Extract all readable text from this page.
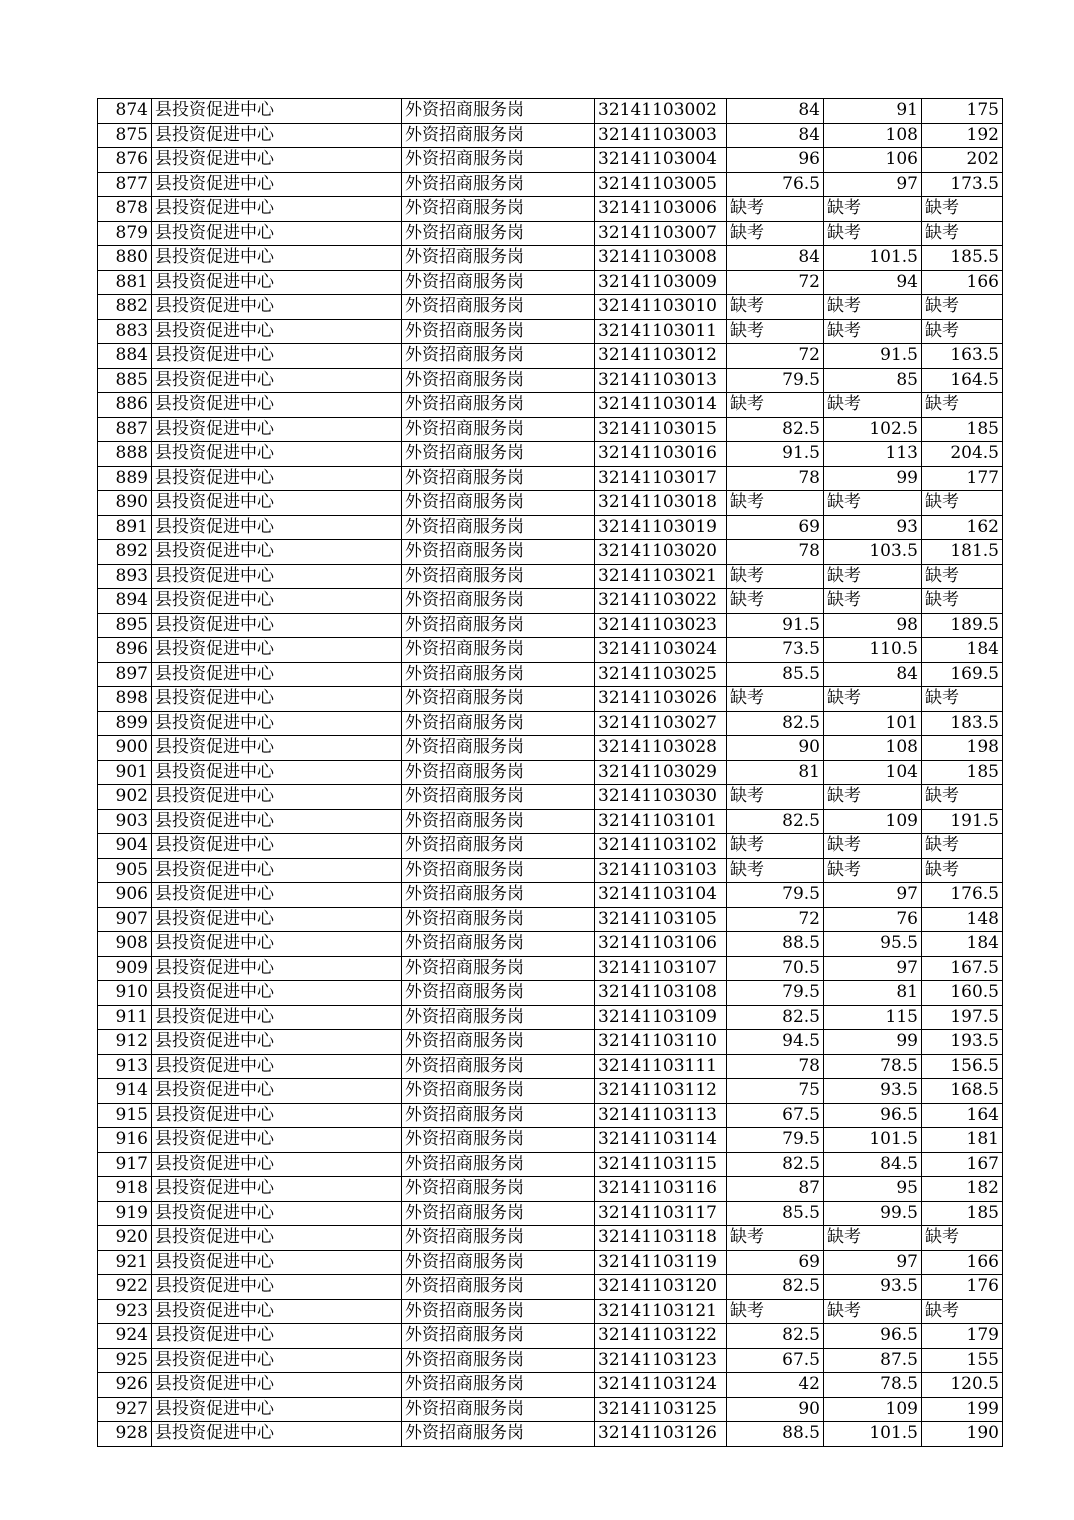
874	县投资促进中心	外资招商服务岗	32141103002	84	91	175
875	县投资促进中心	外资招商服务岗	32141103003	84	108	192
876	县投资促进中心	外资招商服务岗	32141103004	96	106	202
877	县投资促进中心	外资招商服务岗	32141103005	76.5	97	173.5
878	县投资促进中心	外资招商服务岗	32141103006	缺考	缺考	缺考
879	县投资促进中心	外资招商服务岗	32141103007	缺考	缺考	缺考
880	县投资促进中心	外资招商服务岗	32141103008	84	101.5	185.5
881	县投资促进中心	外资招商服务岗	32141103009	72	94	166
882	县投资促进中心	外资招商服务岗	32141103010	缺考	缺考	缺考
883	县投资促进中心	外资招商服务岗	32141103011	缺考	缺考	缺考
884	县投资促进中心	外资招商服务岗	32141103012	72	91.5	163.5
885	县投资促进中心	外资招商服务岗	32141103013	79.5	85	164.5
886	县投资促进中心	外资招商服务岗	32141103014	缺考	缺考	缺考
887	县投资促进中心	外资招商服务岗	32141103015	82.5	102.5	185
888	县投资促进中心	外资招商服务岗	32141103016	91.5	113	204.5
889	县投资促进中心	外资招商服务岗	32141103017	78	99	177
890	县投资促进中心	外资招商服务岗	32141103018	缺考	缺考	缺考
891	县投资促进中心	外资招商服务岗	32141103019	69	93	162
892	县投资促进中心	外资招商服务岗	32141103020	78	103.5	181.5
893	县投资促进中心	外资招商服务岗	32141103021	缺考	缺考	缺考
894	县投资促进中心	外资招商服务岗	32141103022	缺考	缺考	缺考
895	县投资促进中心	外资招商服务岗	32141103023	91.5	98	189.5
896	县投资促进中心	外资招商服务岗	32141103024	73.5	110.5	184
897	县投资促进中心	外资招商服务岗	32141103025	85.5	84	169.5
898	县投资促进中心	外资招商服务岗	32141103026	缺考	缺考	缺考
899	县投资促进中心	外资招商服务岗	32141103027	82.5	101	183.5
900	县投资促进中心	外资招商服务岗	32141103028	90	108	198
901	县投资促进中心	外资招商服务岗	32141103029	81	104	185
902	县投资促进中心	外资招商服务岗	32141103030	缺考	缺考	缺考
903	县投资促进中心	外资招商服务岗	32141103101	82.5	109	191.5
904	县投资促进中心	外资招商服务岗	32141103102	缺考	缺考	缺考
905	县投资促进中心	外资招商服务岗	32141103103	缺考	缺考	缺考
906	县投资促进中心	外资招商服务岗	32141103104	79.5	97	176.5
907	县投资促进中心	外资招商服务岗	32141103105	72	76	148
908	县投资促进中心	外资招商服务岗	32141103106	88.5	95.5	184
909	县投资促进中心	外资招商服务岗	32141103107	70.5	97	167.5
910	县投资促进中心	外资招商服务岗	32141103108	79.5	81	160.5
911	县投资促进中心	外资招商服务岗	32141103109	82.5	115	197.5
912	县投资促进中心	外资招商服务岗	32141103110	94.5	99	193.5
913	县投资促进中心	外资招商服务岗	32141103111	78	78.5	156.5
914	县投资促进中心	外资招商服务岗	32141103112	75	93.5	168.5
915	县投资促进中心	外资招商服务岗	32141103113	67.5	96.5	164
916	县投资促进中心	外资招商服务岗	32141103114	79.5	101.5	181
917	县投资促进中心	外资招商服务岗	32141103115	82.5	84.5	167
918	县投资促进中心	外资招商服务岗	32141103116	87	95	182
919	县投资促进中心	外资招商服务岗	32141103117	85.5	99.5	185
920	县投资促进中心	外资招商服务岗	32141103118	缺考	缺考	缺考
921	县投资促进中心	外资招商服务岗	32141103119	69	97	166
922	县投资促进中心	外资招商服务岗	32141103120	82.5	93.5	176
923	县投资促进中心	外资招商服务岗	32141103121	缺考	缺考	缺考
924	县投资促进中心	外资招商服务岗	32141103122	82.5	96.5	179
925	县投资促进中心	外资招商服务岗	32141103123	67.5	87.5	155
926	县投资促进中心	外资招商服务岗	32141103124	42	78.5	120.5
927	县投资促进中心	外资招商服务岗	32141103125	90	109	199
928	县投资促进中心	外资招商服务岗	32141103126	88.5	101.5	190
